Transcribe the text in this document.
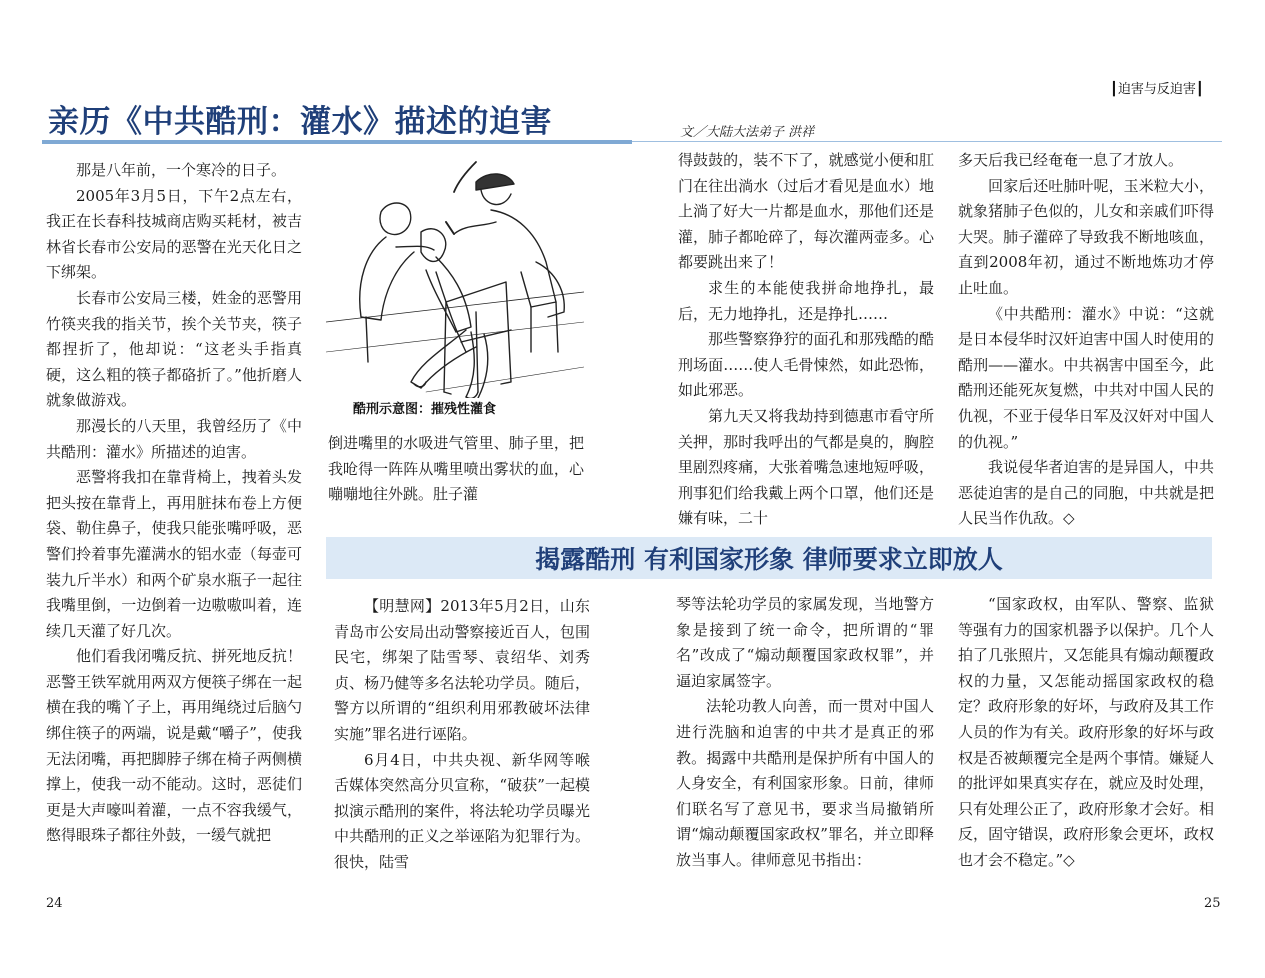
┃迫害与反迫害┃
亲历《中共酷刑：灌水》描述的迫害	文／大陆大法弟子 洪祥

那是八年前，一个寒冷的日子。

2005年3月5日，下午2点左右，我正在长春科技城商店购买耗材，被吉林省长春市公安局的恶警在光天化日之下绑架。

长春市公安局三楼，姓金的恶警用竹筷夹我的指关节，挨个关节夹，筷子都捏折了，他却说：“这老头手指真硬，这么粗的筷子都硌折了。”他折磨人就象做游戏。

那漫长的八天里，我曾经历了《中共酷刑：灌水》所描述的迫害。

恶警将我扣在靠背椅上，拽着头发把头按在靠背上，再用脏抹布卷上方便袋、勒住鼻子，使我只能张嘴呼吸，恶警们拎着事先灌满水的铝水壶（每壶可装九斤半水）和两个矿泉水瓶子一起往我嘴里倒，一边倒着一边嗷嗷叫着，连续几天灌了好几次。

他们看我闭嘴反抗、拼死地反抗！恶警王铁军就用两双方便筷子绑在一起横在我的嘴丫子上，再用绳绕过后脑勺绑住筷子的两端，说是戴“嚼子”，使我无法闭嘴，再把脚脖子绑在椅子两侧横撑上，使我一动不能动。这时，恶徒们更是大声嚎叫着灌，一点不容我缓气，憋得眼珠子都往外鼓，一缓气就把

酷刑示意图：摧残性灌食

倒进嘴里的水吸进气管里、肺子里，把我呛得一阵阵从嘴里喷出雾状的血，心嘣嘣地往外跳。肚子灌

得鼓鼓的，装不下了，就感觉小便和肛门在往出淌水（过后才看见是血水）地上淌了好大一片都是血水，那他们还是灌，肺子都呛碎了，每次灌两壶多。心都要跳出来了！

求生的本能使我拼命地挣扎，最后，无力地挣扎，还是挣扎……

那些警察狰狞的面孔和那残酷的酷刑场面……使人毛骨悚然，如此恐怖，如此邪恶。

第九天又将我劫持到德惠市看守所关押，那时我呼出的气都是臭的，胸腔里剧烈疼痛，大张着嘴急速地短呼吸，刑事犯们给我戴上两个口罩，他们还是嫌有味，二十

多天后我已经奄奄一息了才放人。

回家后还吐肺叶呢，玉米粒大小，就象猪肺子色似的，儿女和亲戚们吓得大哭。肺子灌碎了导致我不断地咳血，直到2008年初，通过不断地炼功才停止吐血。

《中共酷刑：灌水》中说：“这就是日本侵华时汉奸迫害中国人时使用的酷刑——灌水。中共祸害中国至今，此酷刑还能死灰复燃，中共对中国人民的仇视，不亚于侵华日军及汉奸对中国人的仇视。”

我说侵华者迫害的是异国人，中共恶徒迫害的是自己的同胞，中共就是把人民当作仇敌。◇

揭露酷刑 有利国家形象 律师要求立即放人

【明慧网】2013年5月2日，山东青岛市公安局出动警察接近百人，包围民宅，绑架了陆雪琴、袁绍华、刘秀贞、杨乃健等多名法轮功学员。随后，警方以所谓的“组织利用邪教破坏法律实施”罪名进行诬陷。

6月4日，中共央视、新华网等喉舌媒体突然高分贝宣称，“破获”一起模拟演示酷刑的案件，将法轮功学员曝光中共酷刑的正义之举诬陷为犯罪行为。很快，陆雪

琴等法轮功学员的家属发现，当地警方象是接到了统一命令，把所谓的“罪名”改成了“煽动颠覆国家政权罪”，并逼迫家属签字。

法轮功教人向善，而一贯对中国人进行洗脑和迫害的中共才是真正的邪教。揭露中共酷刑是保护所有中国人的人身安全，有利国家形象。日前，律师们联名写了意见书，要求当局撤销所谓“煽动颠覆国家政权”罪名，并立即释放当事人。律师意见书指出：

“国家政权，由军队、警察、监狱等强有力的国家机器予以保护。几个人拍了几张照片，又怎能具有煽动颠覆政权的力量，又怎能动摇国家政权的稳定？政府形象的好坏，与政府及其工作人员的作为有关。政府形象的好坏与政权是否被颠覆完全是两个事情。嫌疑人的批评如果真实存在，就应及时处理，只有处理公正了，政府形象才会好。相反，固守错误，政府形象会更坏，政权也才会不稳定。”◇

24	25
